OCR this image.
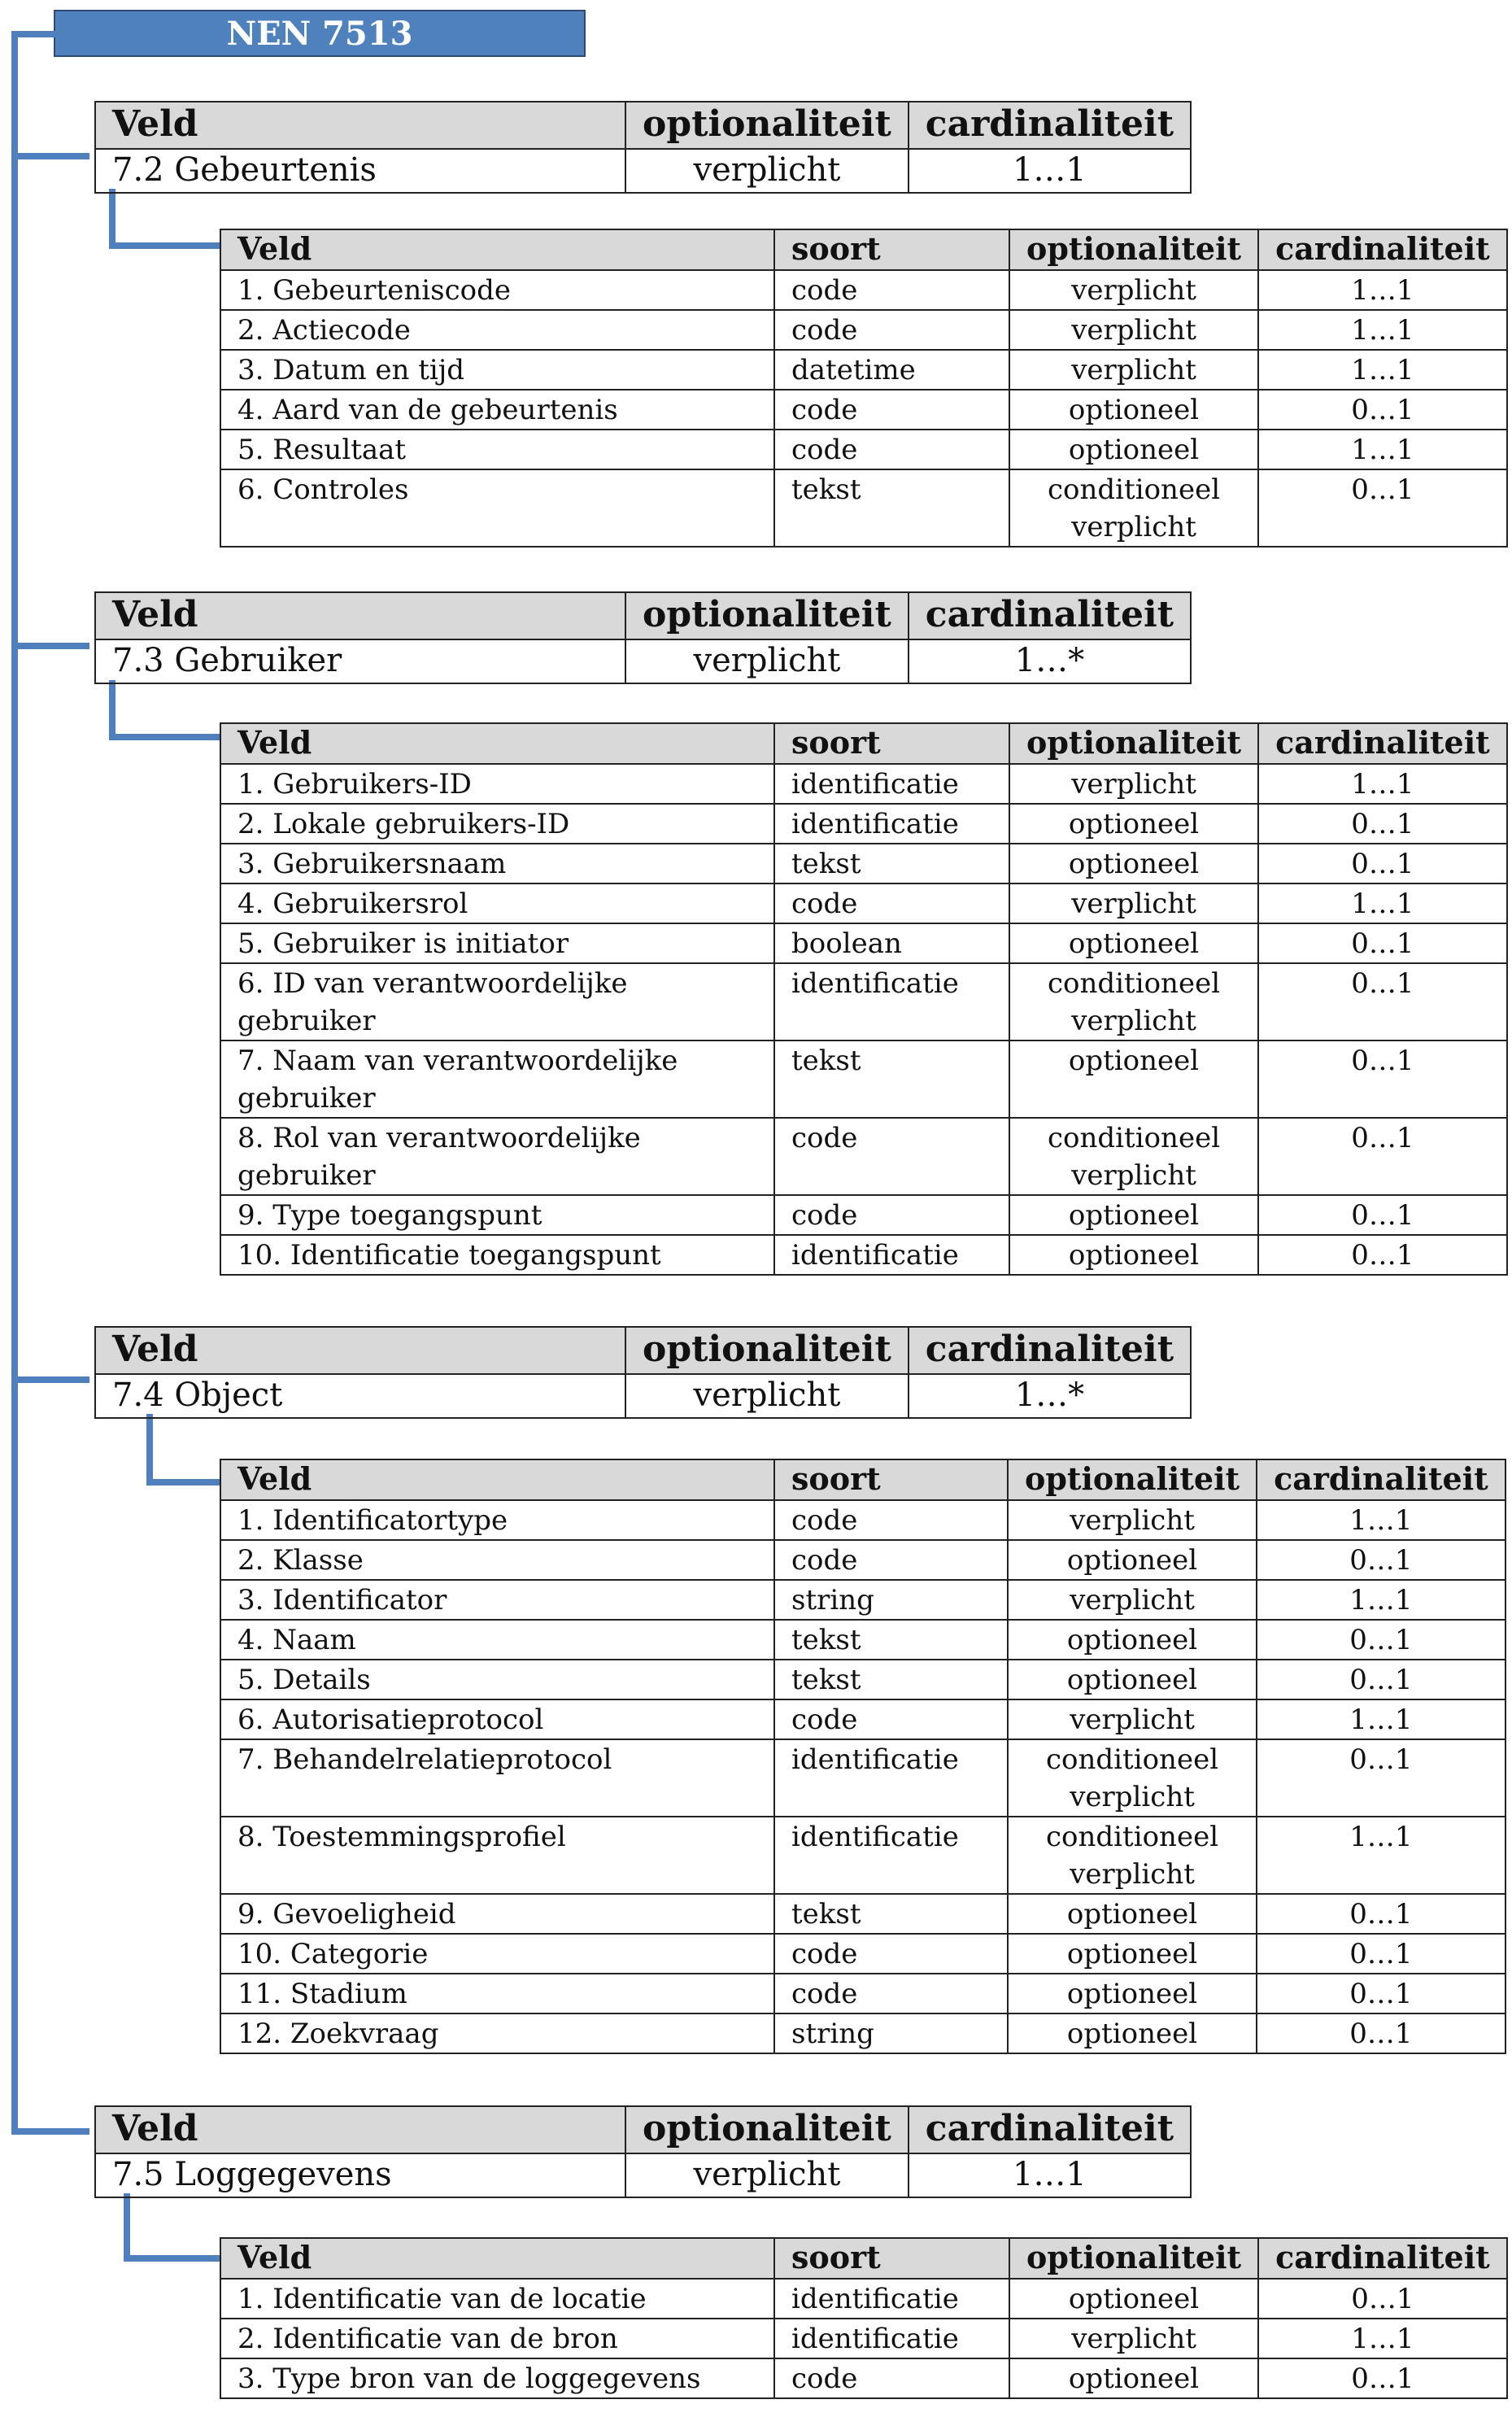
NEN 7513
Veld	optionaliteit	cardinaliteit
7.2 Gebeurtenis	verplicht	1…1
Veld	soort	optionaliteit	cardinaliteit
1. Gebeurteniscode	code	verplicht	1…1
2. Actiecode	code	verplicht	1…1
3. Datum en tijd	datetime	verplicht	1…1
4. Aard van de gebeurtenis	code	optioneel	0…1
5. Resultaat	code	optioneel	1…1
6. Controles	tekst	conditioneel verplicht	0…1
Veld	optionaliteit	cardinaliteit
7.3 Gebruiker	verplicht	1…*
Veld	soort	optionaliteit	cardinaliteit
1. Gebruikers-ID	identificatie	verplicht	1…1
2. Lokale gebruikers-ID	identificatie	optioneel	0…1
3. Gebruikersnaam	tekst	optioneel	0…1
4. Gebruikersrol	code	verplicht	1…1
5. Gebruiker is initiator	boolean	optioneel	0…1
6. ID van verantwoordelijke gebruiker	identificatie	conditioneel verplicht	0…1
7. Naam van verantwoordelijke gebruiker	tekst	optioneel	0…1
8. Rol van verantwoordelijke gebruiker	code	conditioneel verplicht	0…1
9. Type toegangspunt	code	optioneel	0…1
10. Identificatie toegangspunt	identificatie	optioneel	0…1
Veld	optionaliteit	cardinaliteit
7.4 Object	verplicht	1…*
Veld	soort	optionaliteit	cardinaliteit
1. Identificatortype	code	verplicht	1…1
2. Klasse	code	optioneel	0…1
3. Identificator	string	verplicht	1…1
4. Naam	tekst	optioneel	0…1
5. Details	tekst	optioneel	0…1
6. Autorisatieprotocol	code	verplicht	1…1
7. Behandelrelatieprotocol	identificatie	conditioneel verplicht	0…1
8. Toestemmingsprofiel	identificatie	conditioneel verplicht	1…1
9. Gevoeligheid	tekst	optioneel	0…1
10. Categorie	code	optioneel	0…1
11. Stadium	code	optioneel	0…1
12. Zoekvraag	string	optioneel	0…1
Veld	optionaliteit	cardinaliteit
7.5 Loggegevens	verplicht	1…1
Veld	soort	optionaliteit	cardinaliteit
1. Identificatie van de locatie	identificatie	optioneel	0…1
2. Identificatie van de bron	identificatie	verplicht	1…1
3. Type bron van de loggegevens	code	optioneel	0…1
